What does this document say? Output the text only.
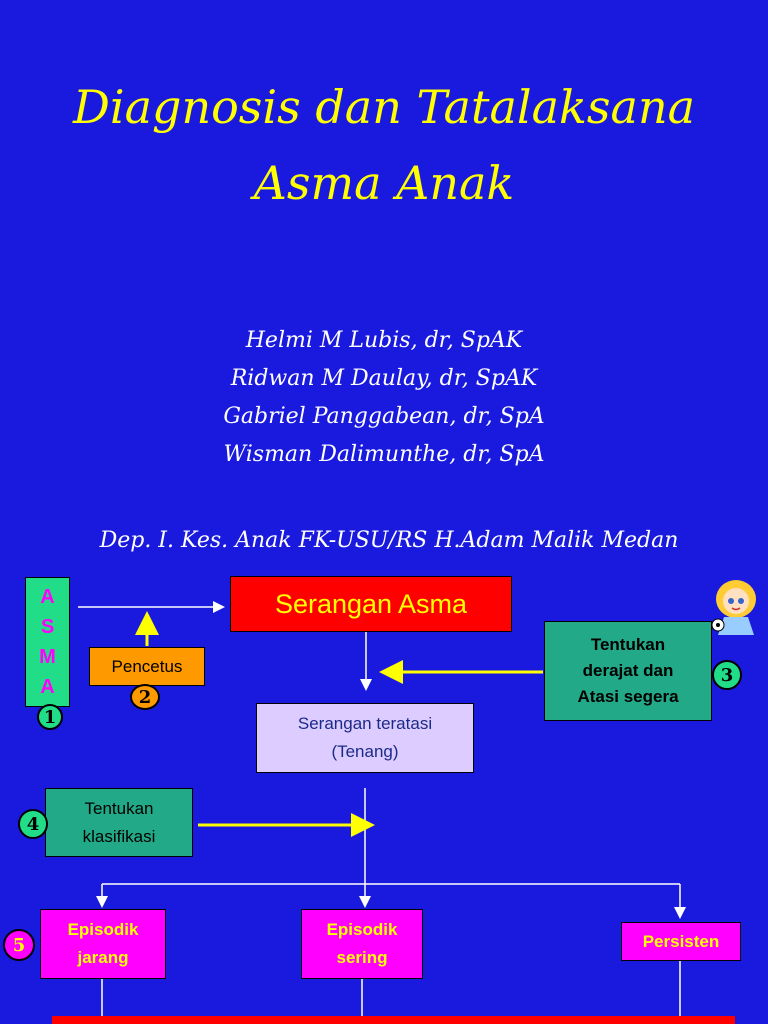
Diagnosis dan Tatalaksana
Asma Anak
Helmi M Lubis, dr, SpAK
Ridwan M Daulay, dr, SpAK
Gabriel Panggabean, dr, SpA
Wisman Dalimunthe, dr, SpA
Dep. I. Kes. Anak FK-USU/RS H.Adam Malik Medan
A
S
M
A
1
Serangan Asma
Pencetus
2
Tentukan
derajat dan
Atasi segera
3
Serangan teratasi
(Tenang)
Tentukan
klasifikasi
4
Episodik
jarang
5
Episodik
sering
Persisten
